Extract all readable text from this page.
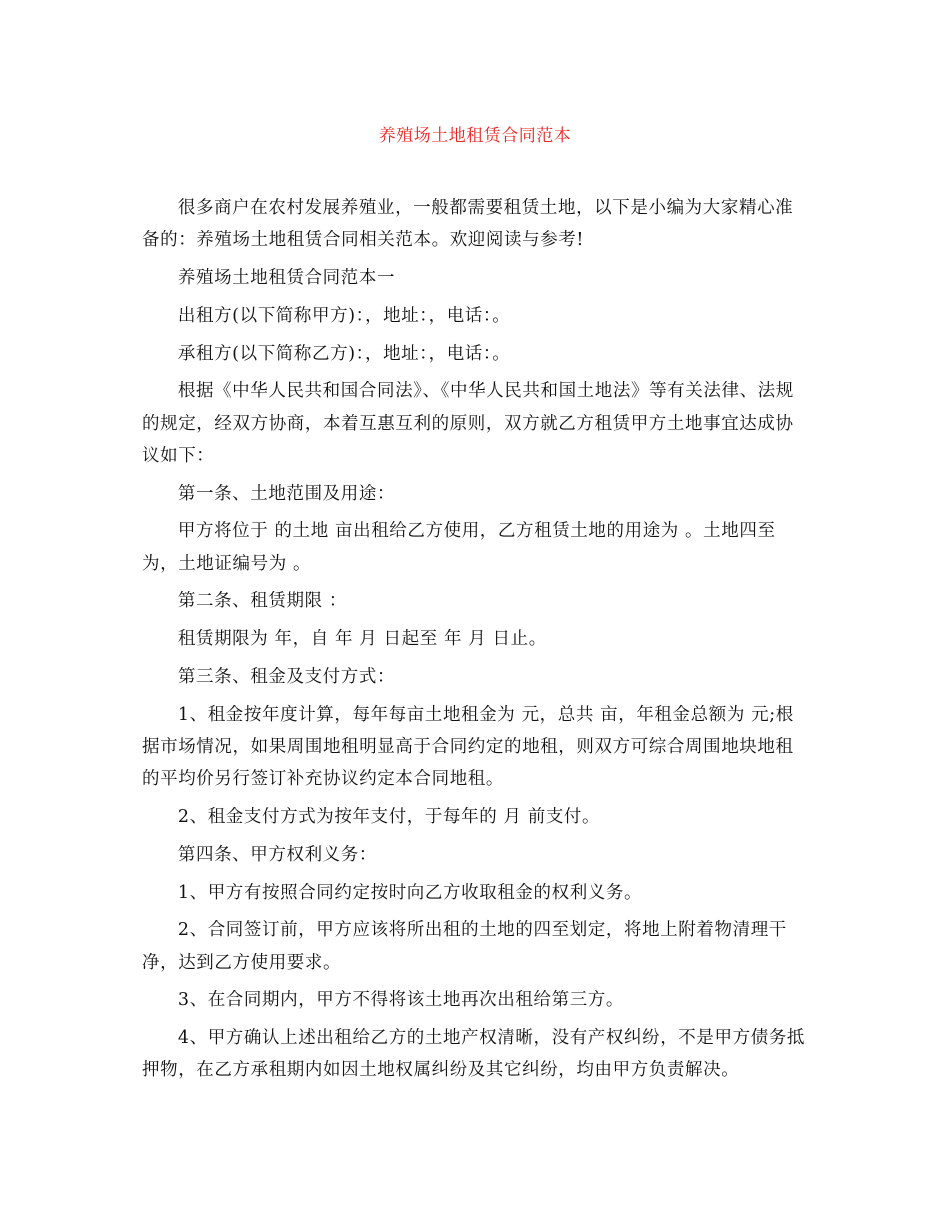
养殖场土地租赁合同范本

很多商户在农村发展养殖业，一般都需要租赁土地，以下是小编为大家精心准备的：养殖场土地租赁合同相关范本。欢迎阅读与参考!

养殖场土地租赁合同范本一

出租方(以下简称甲方)：，地址：，电话：。

承租方(以下简称乙方)：，地址：，电话：。

根据《中华人民共和国合同法》、《中华人民共和国土地法》等有关法律、法规的规定，经双方协商，本着互惠互利的原则，双方就乙方租赁甲方土地事宜达成协议如下：

第一条、土地范围及用途：

甲方将位于 的土地 亩出租给乙方使用，乙方租赁土地的用途为 。土地四至为，土地证编号为 。

第二条、租赁期限 ：

租赁期限为 年，自 年 月 日起至 年 月 日止。

第三条、租金及支付方式：

1、租金按年度计算，每年每亩土地租金为 元，总共 亩，年租金总额为 元;根据市场情况，如果周围地租明显高于合同约定的地租，则双方可综合周围地块地租的平均价另行签订补充协议约定本合同地租。

2、租金支付方式为按年支付，于每年的 月 前支付。

第四条、甲方权利义务：

1、甲方有按照合同约定按时向乙方收取租金的权利义务。

2、合同签订前，甲方应该将所出租的土地的四至划定，将地上附着物清理干净，达到乙方使用要求。

3、在合同期内，甲方不得将该土地再次出租给第三方。

4、甲方确认上述出租给乙方的土地产权清晰，没有产权纠纷，不是甲方债务抵押物，在乙方承租期内如因土地权属纠纷及其它纠纷，均由甲方负责解决。
